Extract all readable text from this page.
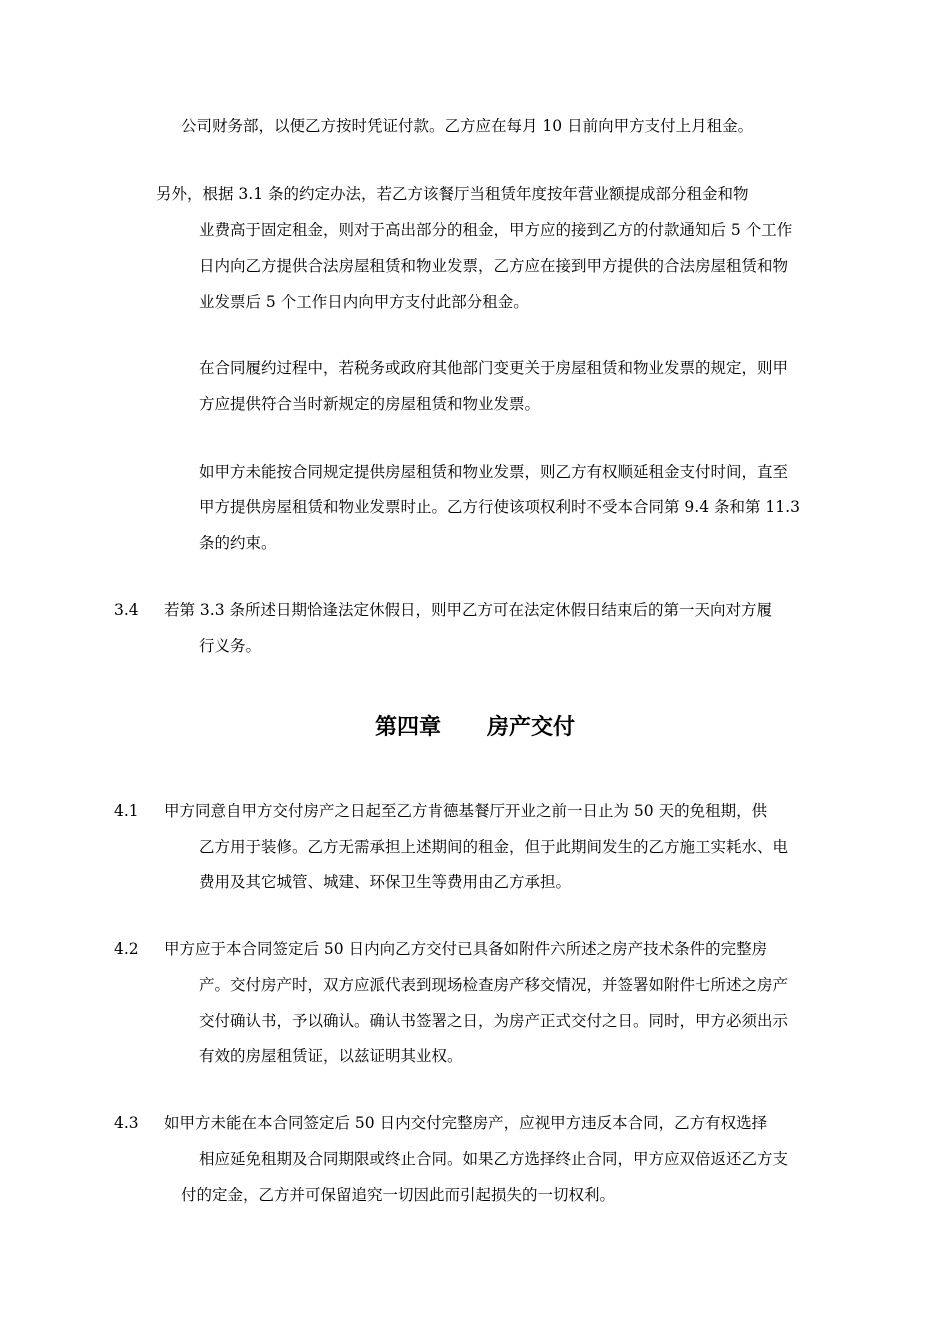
公司财务部，以便乙方按时凭证付款。乙方应在每月 10 日前向甲方支付上月租金。
另外，根据 3.1 条的约定办法，若乙方该餐厅当租赁年度按年营业额提成部分租金和物
业费高于固定租金，则对于高出部分的租金，甲方应的接到乙方的付款通知后 5 个工作
日内向乙方提供合法房屋租赁和物业发票，乙方应在接到甲方提供的合法房屋租赁和物
业发票后 5 个工作日内向甲方支付此部分租金。
在合同履约过程中，若税务或政府其他部门变更关于房屋租赁和物业发票的规定，则甲
方应提供符合当时新规定的房屋租赁和物业发票。
如甲方未能按合同规定提供房屋租赁和物业发票，则乙方有权顺延租金支付时间，直至
甲方提供房屋租赁和物业发票时止。乙方行使该项权利时不受本合同第 9.4 条和第 11.3
条的约束。
3.4 若第 3.3 条所述日期恰逢法定休假日，则甲乙方可在法定休假日结束后的第一天向对方履
行义务。
第四章 房产交付
4.1 甲方同意自甲方交付房产之日起至乙方肯德基餐厅开业之前一日止为 50 天的免租期，供
乙方用于装修。乙方无需承担上述期间的租金，但于此期间发生的乙方施工实耗水、电
费用及其它城管、城建、环保卫生等费用由乙方承担。
4.2 甲方应于本合同签定后 50 日内向乙方交付已具备如附件六所述之房产技术条件的完整房
产。交付房产时，双方应派代表到现场检查房产移交情况，并签署如附件七所述之房产
交付确认书，予以确认。确认书签署之日，为房产正式交付之日。同时，甲方必须出示
有效的房屋租赁证，以兹证明其业权。
4.3 如甲方未能在本合同签定后 50 日内交付完整房产，应视甲方违反本合同，乙方有权选择
相应延免租期及合同期限或终止合同。如果乙方选择终止合同，甲方应双倍返还乙方支
付的定金，乙方并可保留追究一切因此而引起损失的一切权利。
